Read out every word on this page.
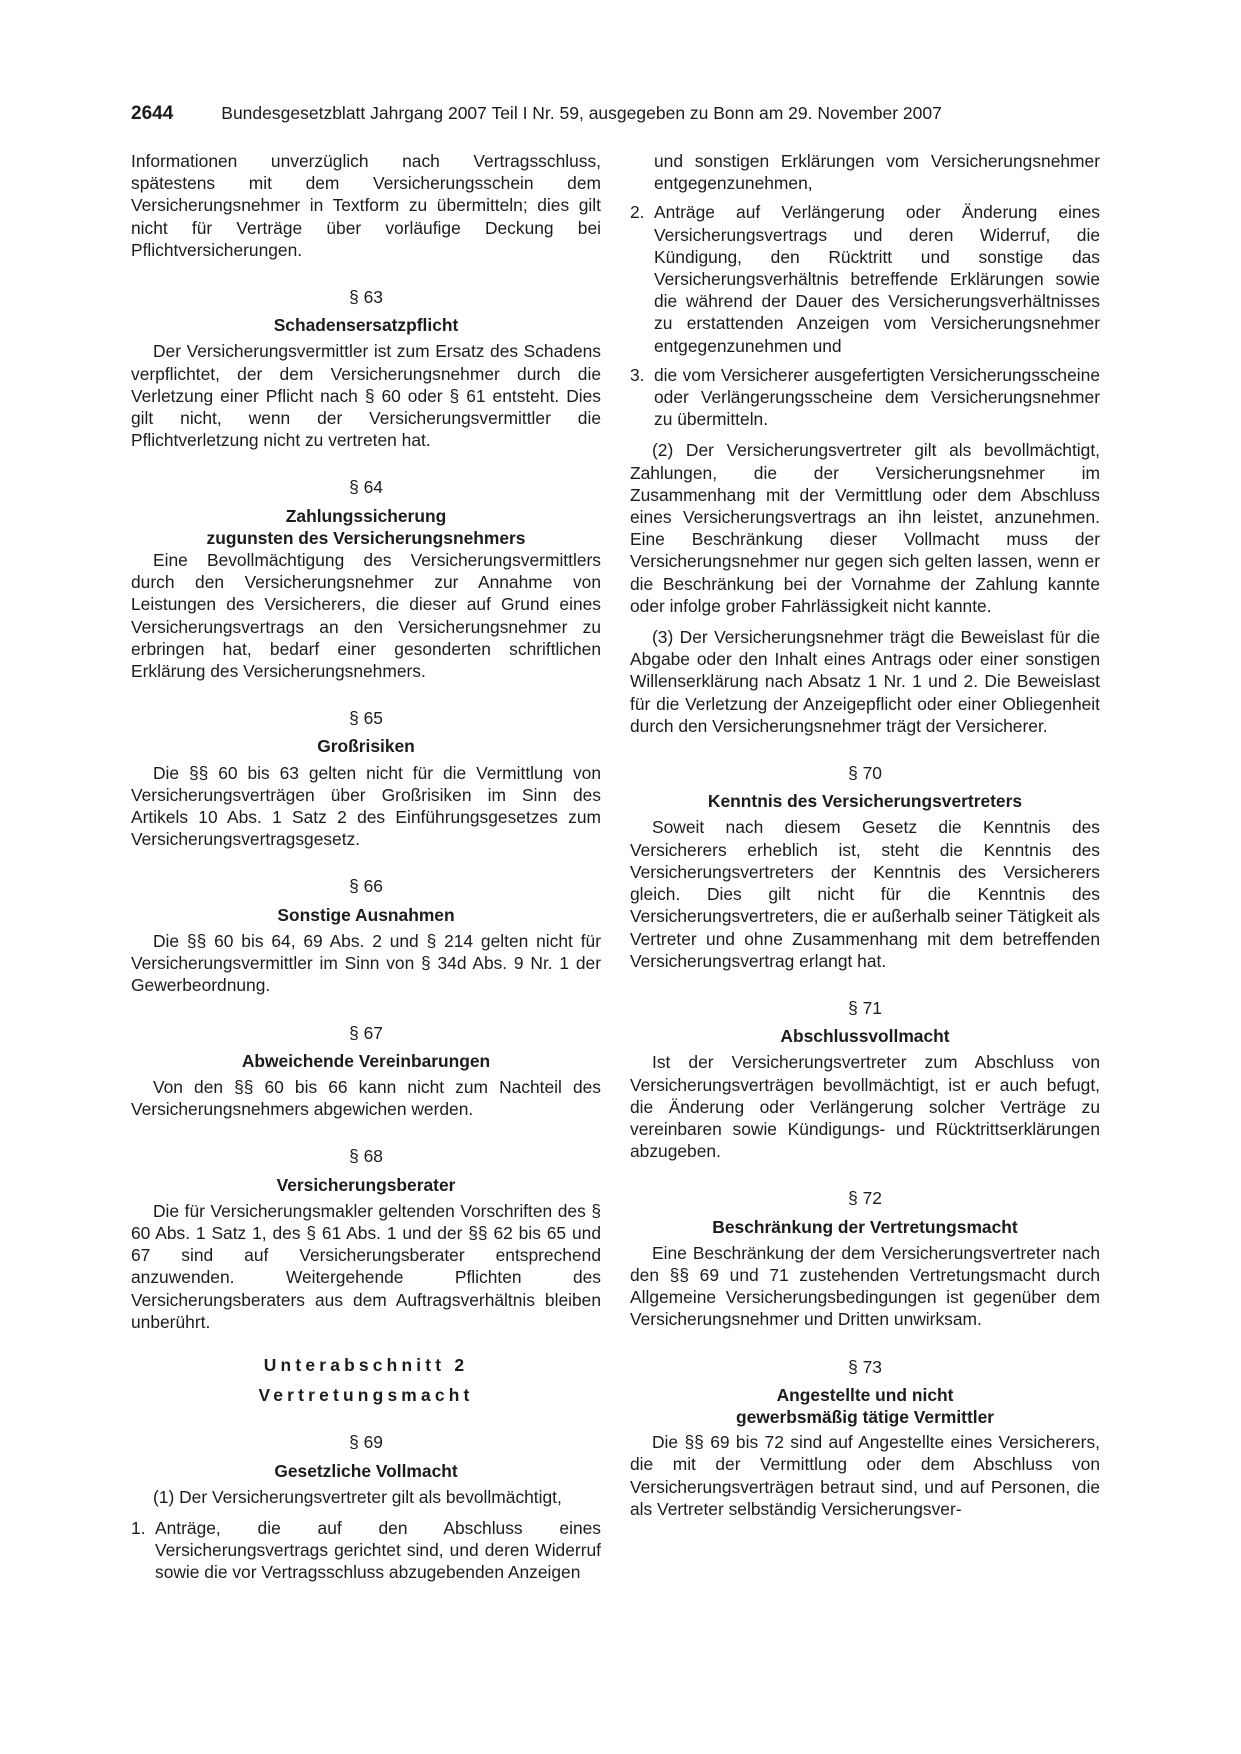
2644	Bundesgesetzblatt Jahrgang 2007 Teil I Nr. 59, ausgegeben zu Bonn am 29. November 2007

Informationen unverzüglich nach Vertragsschluss, spätestens mit dem Versicherungsschein dem Versicherungsnehmer in Textform zu übermitteln; dies gilt nicht für Verträge über vorläufige Deckung bei Pflichtversicherungen.

§ 63
Schadensersatzpflicht

Der Versicherungsvermittler ist zum Ersatz des Schadens verpflichtet, der dem Versicherungsnehmer durch die Verletzung einer Pflicht nach § 60 oder § 61 entsteht. Dies gilt nicht, wenn der Versicherungsvermittler die Pflichtverletzung nicht zu vertreten hat.

§ 64
Zahlungssicherung
zugunsten des Versicherungsnehmers

Eine Bevollmächtigung des Versicherungsvermittlers durch den Versicherungsnehmer zur Annahme von Leistungen des Versicherers, die dieser auf Grund eines Versicherungsvertrags an den Versicherungsnehmer zu erbringen hat, bedarf einer gesonderten schriftlichen Erklärung des Versicherungsnehmers.

§ 65
Großrisiken

Die §§ 60 bis 63 gelten nicht für die Vermittlung von Versicherungsverträgen über Großrisiken im Sinn des Artikels 10 Abs. 1 Satz 2 des Einführungsgesetzes zum Versicherungsvertragsgesetz.

§ 66
Sonstige Ausnahmen

Die §§ 60 bis 64, 69 Abs. 2 und § 214 gelten nicht für Versicherungsvermittler im Sinn von § 34d Abs. 9 Nr. 1 der Gewerbeordnung.

§ 67
Abweichende Vereinbarungen

Von den §§ 60 bis 66 kann nicht zum Nachteil des Versicherungsnehmers abgewichen werden.

§ 68
Versicherungsberater

Die für Versicherungsmakler geltenden Vorschriften des § 60 Abs. 1 Satz 1, des § 61 Abs. 1 und der §§ 62 bis 65 und 67 sind auf Versicherungsberater entsprechend anzuwenden. Weitergehende Pflichten des Versicherungsberaters aus dem Auftragsverhältnis bleiben unberührt.

Unterabschnitt 2
Vertretungsmacht
§ 69
Gesetzliche Vollmacht

(1) Der Versicherungsvertreter gilt als bevollmächtigt,

1. Anträge, die auf den Abschluss eines Versicherungsvertrags gerichtet sind, und deren Widerruf sowie die vor Vertragsschluss abzugebenden Anzeigen
und sonstigen Erklärungen vom Versicherungsnehmer entgegenzunehmen,
2. Anträge auf Verlängerung oder Änderung eines Versicherungsvertrags und deren Widerruf, die Kündigung, den Rücktritt und sonstige das Versicherungsverhältnis betreffende Erklärungen sowie die während der Dauer des Versicherungsverhältnisses zu erstattenden Anzeigen vom Versicherungsnehmer entgegenzunehmen und
3. die vom Versicherer ausgefertigten Versicherungsscheine oder Verlängerungsscheine dem Versicherungsnehmer zu übermitteln.

(2) Der Versicherungsvertreter gilt als bevollmächtigt, Zahlungen, die der Versicherungsnehmer im Zusammenhang mit der Vermittlung oder dem Abschluss eines Versicherungsvertrags an ihn leistet, anzunehmen. Eine Beschränkung dieser Vollmacht muss der Versicherungsnehmer nur gegen sich gelten lassen, wenn er die Beschränkung bei der Vornahme der Zahlung kannte oder infolge grober Fahrlässigkeit nicht kannte.

(3) Der Versicherungsnehmer trägt die Beweislast für die Abgabe oder den Inhalt eines Antrags oder einer sonstigen Willenserklärung nach Absatz 1 Nr. 1 und 2. Die Beweislast für die Verletzung der Anzeigepflicht oder einer Obliegenheit durch den Versicherungsnehmer trägt der Versicherer.

§ 70
Kenntnis des Versicherungsvertreters

Soweit nach diesem Gesetz die Kenntnis des Versicherers erheblich ist, steht die Kenntnis des Versicherungsvertreters der Kenntnis des Versicherers gleich. Dies gilt nicht für die Kenntnis des Versicherungsvertreters, die er außerhalb seiner Tätigkeit als Vertreter und ohne Zusammenhang mit dem betreffenden Versicherungsvertrag erlangt hat.

§ 71
Abschlussvollmacht

Ist der Versicherungsvertreter zum Abschluss von Versicherungsverträgen bevollmächtigt, ist er auch befugt, die Änderung oder Verlängerung solcher Verträge zu vereinbaren sowie Kündigungs- und Rücktrittserklärungen abzugeben.

§ 72
Beschränkung der Vertretungsmacht

Eine Beschränkung der dem Versicherungsvertreter nach den §§ 69 und 71 zustehenden Vertretungsmacht durch Allgemeine Versicherungsbedingungen ist gegenüber dem Versicherungsnehmer und Dritten unwirksam.

§ 73
Angestellte und nicht
gewerbsmäßig tätige Vermittler

Die §§ 69 bis 72 sind auf Angestellte eines Versicherers, die mit der Vermittlung oder dem Abschluss von Versicherungsverträgen betraut sind, und auf Personen, die als Vertreter selbständig Versicherungsver-
